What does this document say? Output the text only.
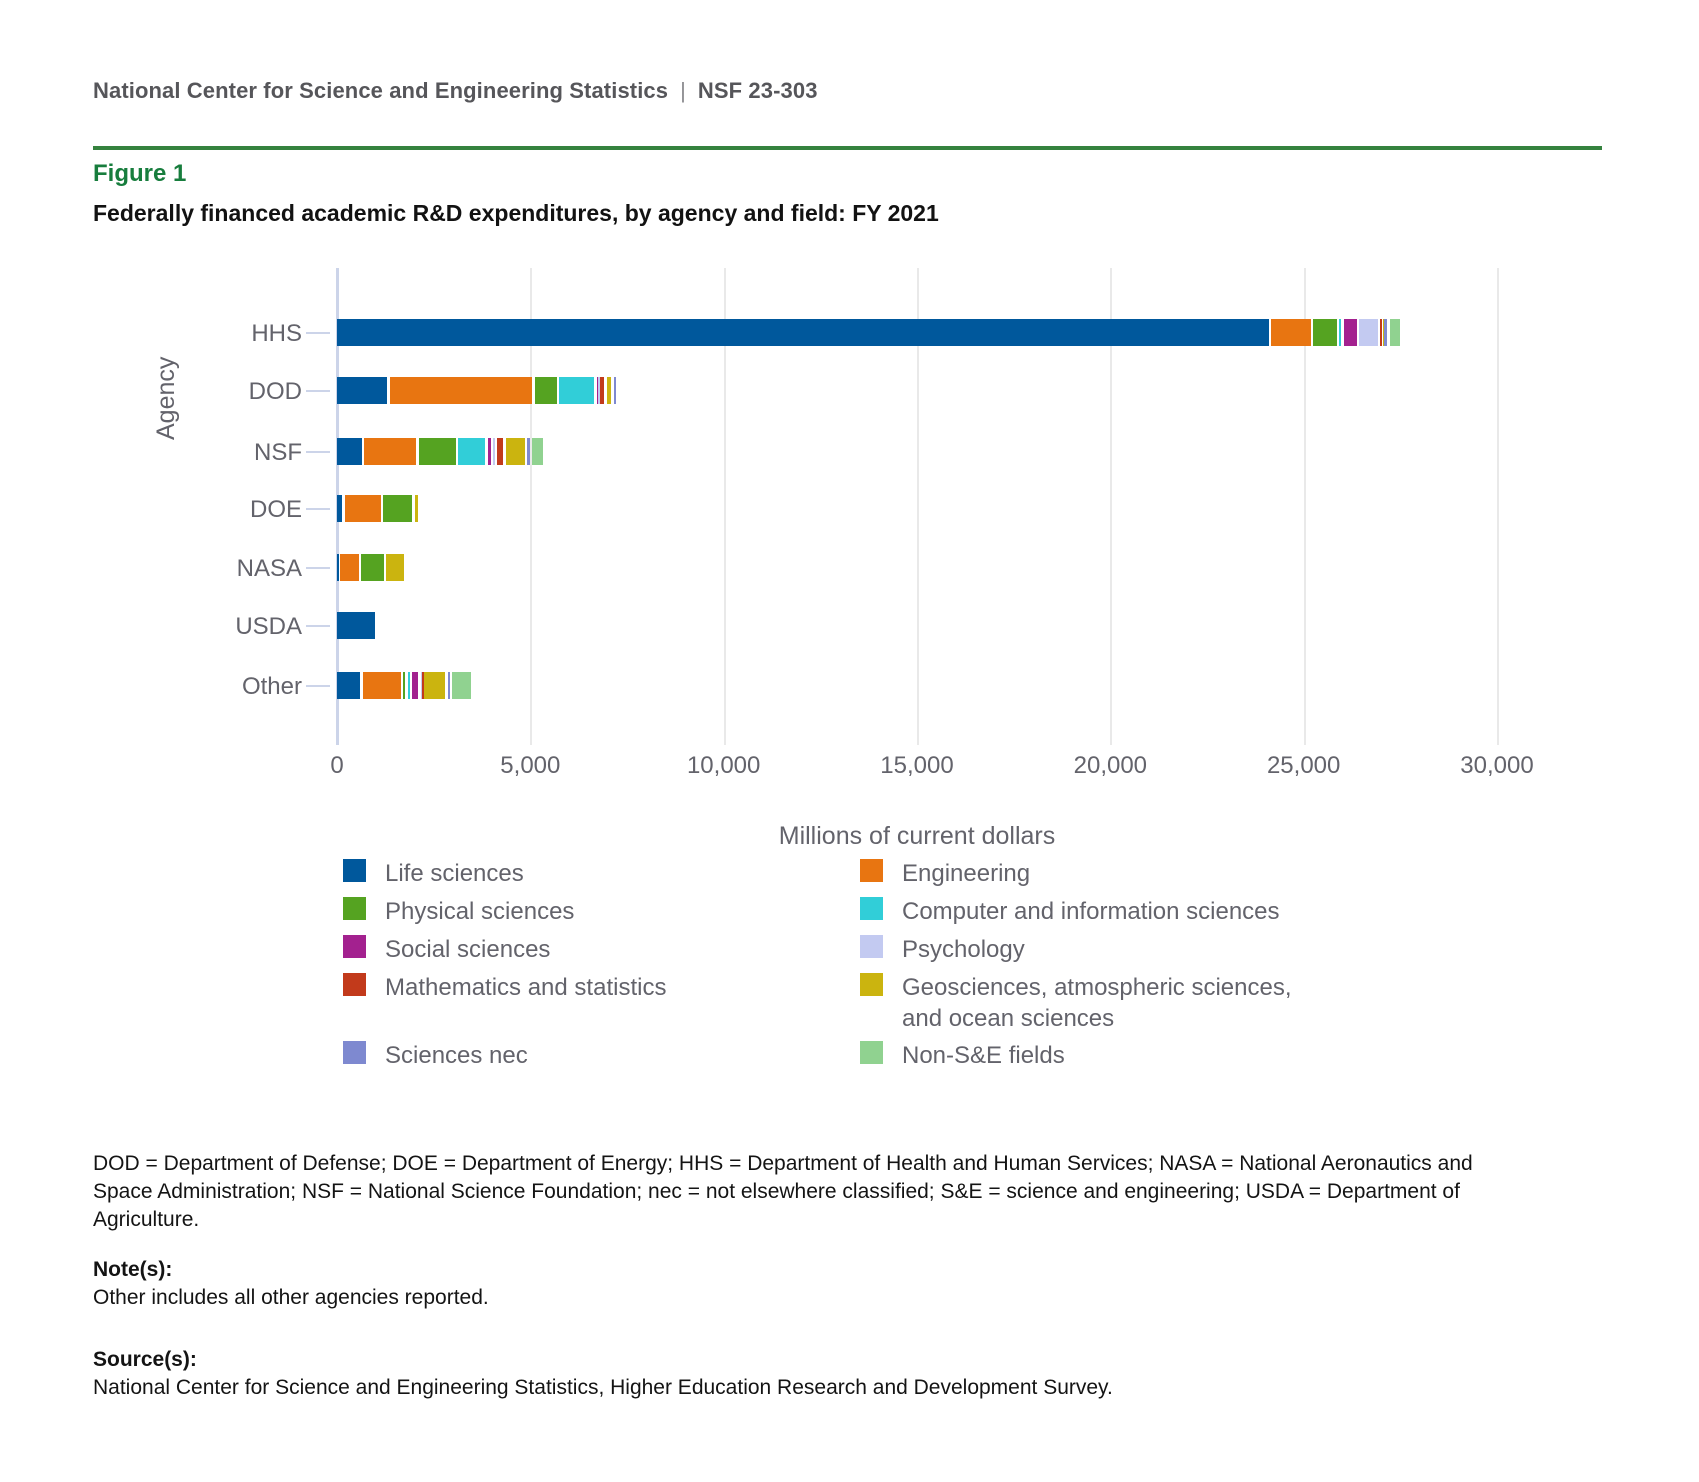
National Center for Science and Engineering Statistics | NSF 23-303
Figure 1
Federally financed academic R&D expenditures, by agency and field: FY 2021
HHS
DOD
NSF
DOE
NASA
USDA
Other
Agency
0	5,000	10,000	15,000	20,000	25,000	30,000
Millions of current dollars
Life sciences
Physical sciences
Social sciences
Mathematics and statistics
Sciences nec
Engineering
Computer and information sciences
Psychology
Geosciences, atmospheric sciences,
and ocean sciences
Non-S&E fields
DOD = Department of Defense; DOE = Department of Energy; HHS = Department of Health and Human Services; NASA = National Aeronautics and Space Administration; NSF = National Science Foundation; nec = not elsewhere classified; S&E = science and engineering; USDA = Department of Agriculture.
Note(s):
Other includes all other agencies reported.
Source(s):
National Center for Science and Engineering Statistics, Higher Education Research and Development Survey.
